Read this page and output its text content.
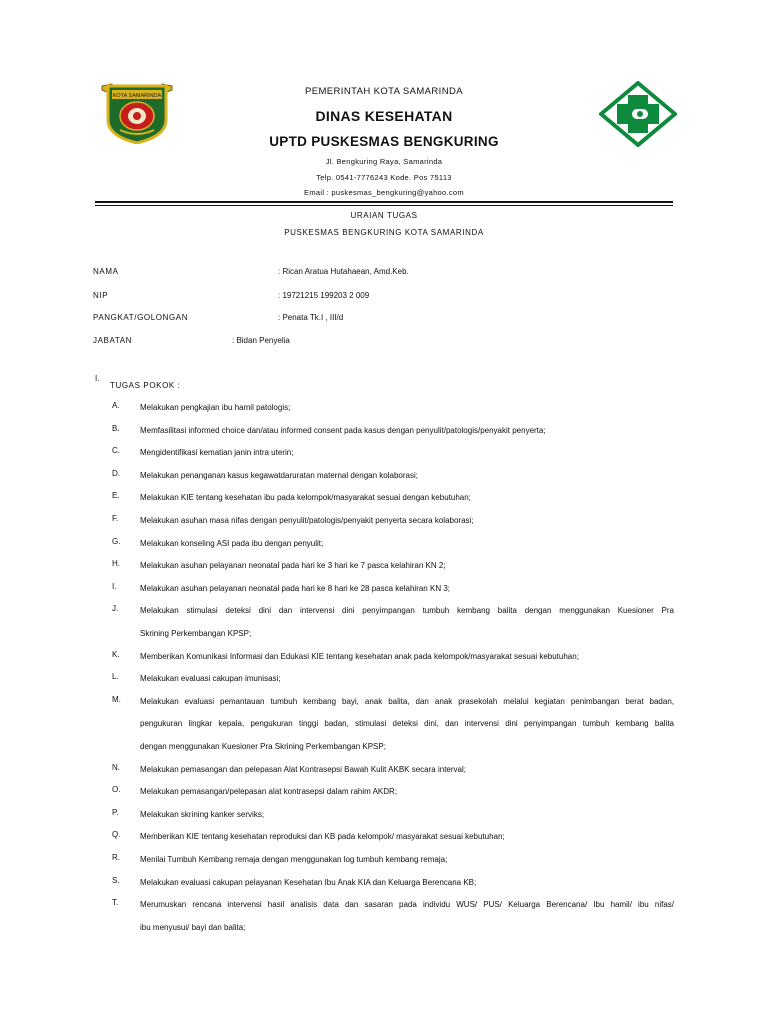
KOTA SAMARINDA	PEMERINTAH KOTA SAMARINDA
DINAS KESEHATAN
UPTD PUSKESMAS BENGKURING
Jl. Bengkuring Raya, Samarinda
Telp. 0541-7776243 Kode. Pos 75113
Email : puskesmas_bengkuring@yahoo.com
URAIAN TUGAS
PUSKESMAS BENGKURING KOTA SAMARINDA
NAMA	: Rican Aratua Hutahaean, Amd.Keb.
NIP	: 19721215 199203 2 009
PANGKAT/GOLONGAN	: Penata Tk.I , III/d
JABATAN	: Bidan Penyelia
I.
TUGAS POKOK :
A.	Melakukan pengkajian ibu hamil patologis;
B.	Memfasilitasi informed choice dan/atau informed consent pada kasus dengan penyulit/patologis/penyakit penyerta;
C.	Mengidentifikasi kematian janin intra uterin;
D.	Melakukan penanganan kasus kegawatdaruratan maternal dengan kolaborasi;
E.	Melakukan KIE tentang kesehatan ibu pada kelompok/masyarakat sesuai dengan kebutuhan;
F.	Melakukan asuhan masa nifas dengan penyulit/patologis/penyakit penyerta secara kolaborasi;
G.	Melakukan konseling ASI pada ibu dengan penyulit;
H.	Melakukan asuhan pelayanan neonatal pada hari ke 3 hari ke 7 pasca kelahiran KN 2;
I.	Melakukan asuhan pelayanan neonatal pada hari ke 8 hari ke 28 pasca kelahiran KN 3;
J.	Melakukan stimulasi deteksi dini dan intervensi dini penyimpangan tumbuh kembang balita dengan menggunakan Kuesioner Pra
Skrining Perkembangan KPSP;
K.	Memberikan Komunikasi Informasi dan Edukasi KIE tentang kesehatan anak pada kelompok/masyarakat sesuai kebutuhan;
L.	Melakukan evaluasi cakupan imunisasi;
M.	Melakukan evaluasi pemantauan tumbuh kembang bayi, anak balita, dan anak prasekolah melalui kegiatan penimbangan berat badan,
pengukuran lingkar kepala, pengukuran tinggi badan, stimulasi deteksi dini, dan intervensi dini penyimpangan tumbuh kembang balita
dengan menggunakan Kuesioner Pra Skrining Perkembangan KPSP;
N.	Melakukan pemasangan dan pelepasan Alat Kontrasepsi Bawah Kulit AKBK secara interval;
O.	Melakukan pemasangan/pelepasan alat kontrasepsi dalam rahim AKDR;
P.	Melakukan skrining kanker serviks;
Q.	Memberikan KIE tentang kesehatan reproduksi dan KB pada kelompok/ masyarakat sesuai kebutuhan;
R.	Menilai Tumbuh Kembang remaja dengan menggunakan log tumbuh kembang remaja;
S.	Melakukan evaluasi cakupan pelayanan Kesehatan Ibu Anak KIA dan Keluarga Berencana KB;
T.	Merumuskan rencana intervensi hasil analisis data dan sasaran pada individu WUS/ PUS/ Keluarga Berencana/ Ibu hamil/ ibu nifas/
ibu menyusui/ bayi dan balita;
